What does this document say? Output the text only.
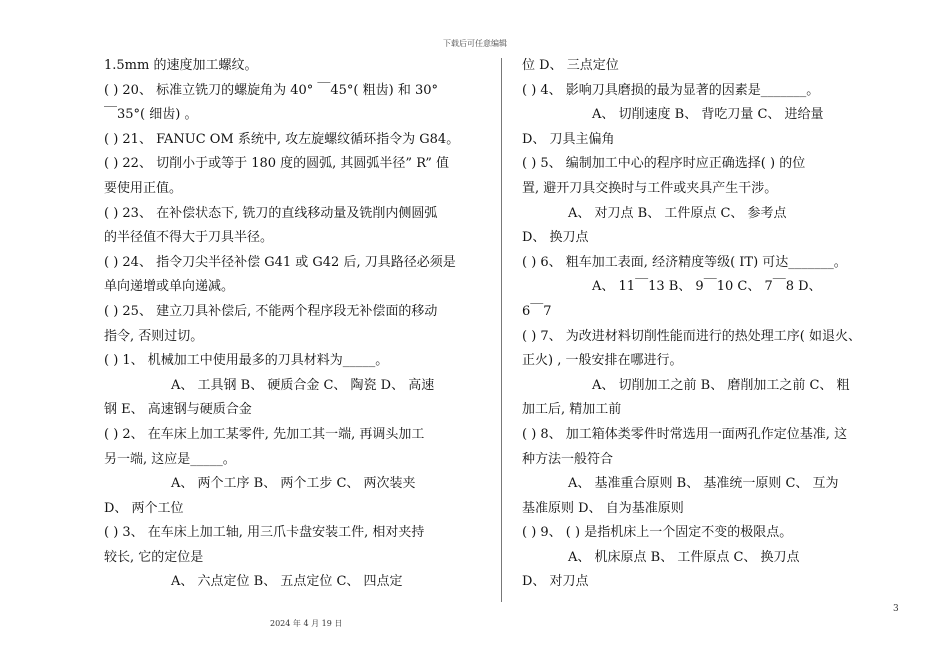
下载后可任意编辑

1.5mm 的速度加工螺纹。

( ) 20、 标准立铣刀的螺旋角为 40° ￣45°( 粗齿) 和 30°

￣35°( 细齿) 。

( ) 21、 FANUC OM 系统中, 攻左旋螺纹循环指令为 G84。

( ) 22、 切削小于或等于 180 度的圆弧, 其圆弧半径” R” 值

要使用正值。

( ) 23、 在补偿状态下, 铣刀的直线移动量及铣削内侧圆弧

的半径值不得大于刀具半径。

( ) 24、 指令刀尖半径补偿 G41 或 G42 后, 刀具路径必须是

单向递增或单向递减。

( ) 25、 建立刀具补偿后, 不能两个程序段无补偿面的移动

指令, 否则过切。

( ) 1、 机械加工中使用最多的刀具材料为_____。

A、 工具钢 B、 硬质合金 C、 陶瓷 D、 高速

钢 E、 高速钢与硬质合金

( ) 2、 在车床上加工某零件, 先加工其一端, 再调头加工

另一端, 这应是_____。

A、 两个工序 B、 两个工步 C、 两次装夹

D、 两个工位

( ) 3、 在车床上加工轴, 用三爪卡盘安装工件, 相对夹持

较长, 它的定位是

A、 六点定位 B、 五点定位 C、 四点定

位 D、 三点定位

( ) 4、 影响刀具磨损的最为显著的因素是_______。

A、 切削速度 B、 背吃刀量 C、 进给量

D、 刀具主偏角

( ) 5、 编制加工中心的程序时应正确选择( ) 的位

置, 避开刀具交换时与工件或夹具产生干涉。

A、 对刀点 B、 工件原点 C、 参考点

D、 换刀点

( ) 6、 粗车加工表面, 经济精度等级( IT) 可达_______。

A、 11￣13 B、 9￣10 C、 7￣8 D、

6￣7

( ) 7、 为改进材料切削性能而进行的热处理工序( 如退火、

正火) , 一般安排在哪进行。

A、 切削加工之前 B、 磨削加工之前 C、 粗

加工后, 精加工前

( ) 8、 加工箱体类零件时常选用一面两孔作定位基准, 这

种方法一般符合

A、 基准重合原则 B、 基准统一原则 C、 互为

基准原则 D、 自为基准原则

( ) 9、 ( ) 是指机床上一个固定不变的极限点。

A、 机床原点 B、 工件原点 C、 换刀点

D、 对刀点

3
2024 年 4 月 19 日
